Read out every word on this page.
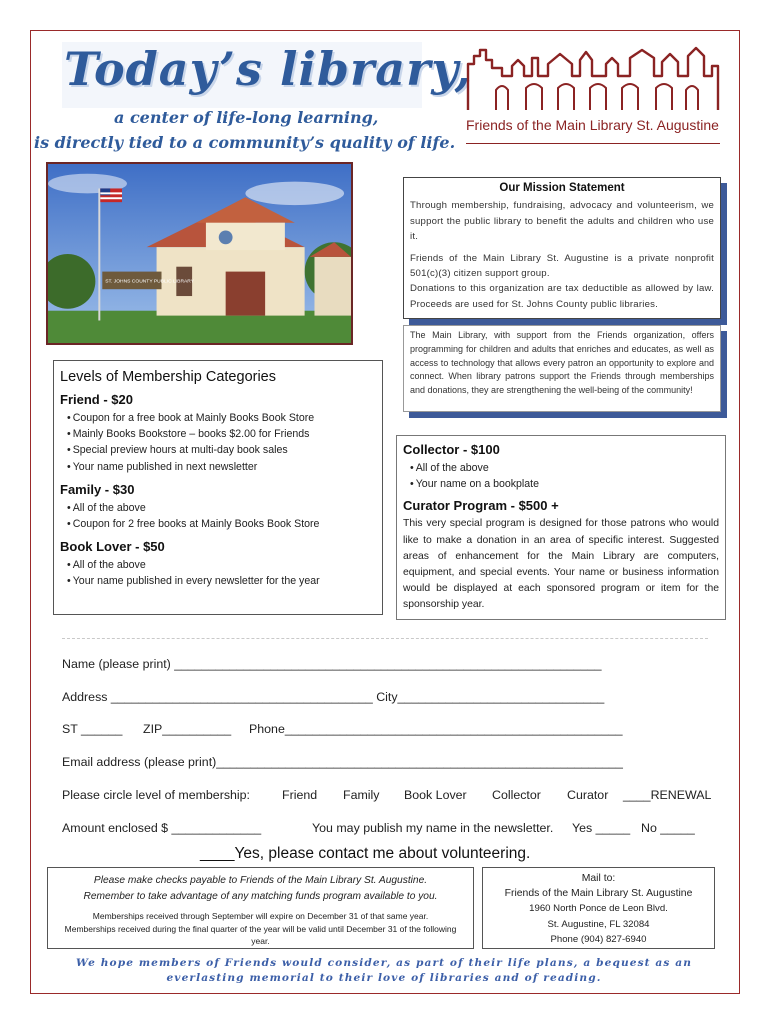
Today’s library,
a center of life-long learning,
is directly tied to a community’s quality of life.
Friends of the Main Library St. Augustine
ST. JOHNS COUNTY PUBLIC LIBRARY
Our Mission Statement

Through membership, fundraising, advocacy and volunteerism, we support the public library to benefit the adults and children who use it.

Friends of the Main Library St. Augustine is a private nonprofit 501(c)(3) citizen support group.

Donations to this organization are tax deductible as allowed by law. Proceeds are used for St. Johns County public libraries.

The Main Library, with support from the Friends organization, offers programming for children and adults that enriches and educates, as well as access to technology that allows every patron an opportunity to explore and connect. When library patrons support the Friends through memberships and donations, they are strengthening the well-being of the community!
Levels of Membership Categories
Friend - $20
• Coupon for a free book at Mainly Books Book Store
• Mainly Books Bookstore – books $2.00 for Friends
• Special preview hours at multi-day book sales
• Your name published in next newsletter
Family - $30
• All of the above
• Coupon for 2 free books at Mainly Books Book Store
Book Lover - $50
• All of the above
• Your name published in every newsletter for the year
Collector - $100
• All of the above
• Your name on a bookplate
Curator Program - $500 +
This very special program is designed for those patrons who would like to make a donation in an area of specific interest. Suggested areas of enhancement for the Main Library are computers, equipment, and special events. Your name or business information would be displayed at each sponsored program or item for the sponsorship year.
Name (please print) ______________________________________________________________
Address ______________________________________ City______________________________
ST ______ ZIP__________ Phone_________________________________________________
Email address (please print)___________________________________________________________
Please circle level of membership:	Friend Family Book Lover Collector Curator ____RENEWAL
Amount enclosed $ _____________	You may publish my name in the newsletter. Yes _____ No _____
____Yes, please contact me about volunteering.
Please make checks payable to Friends of the Main Library St. Augustine.
Remember to take advantage of any matching funds program available to you.
Memberships received through September will expire on December 31 of that same year.
Memberships received during the final quarter of the year will be valid until December 31 of the following year.
Mail to:
Friends of the Main Library St. Augustine
1960 North Ponce de Leon Blvd.
St. Augustine, FL 32084
Phone (904) 827-6940
We hope members of Friends would consider, as part of their life plans, a bequest as an everlasting memorial to their love of libraries and of reading.
